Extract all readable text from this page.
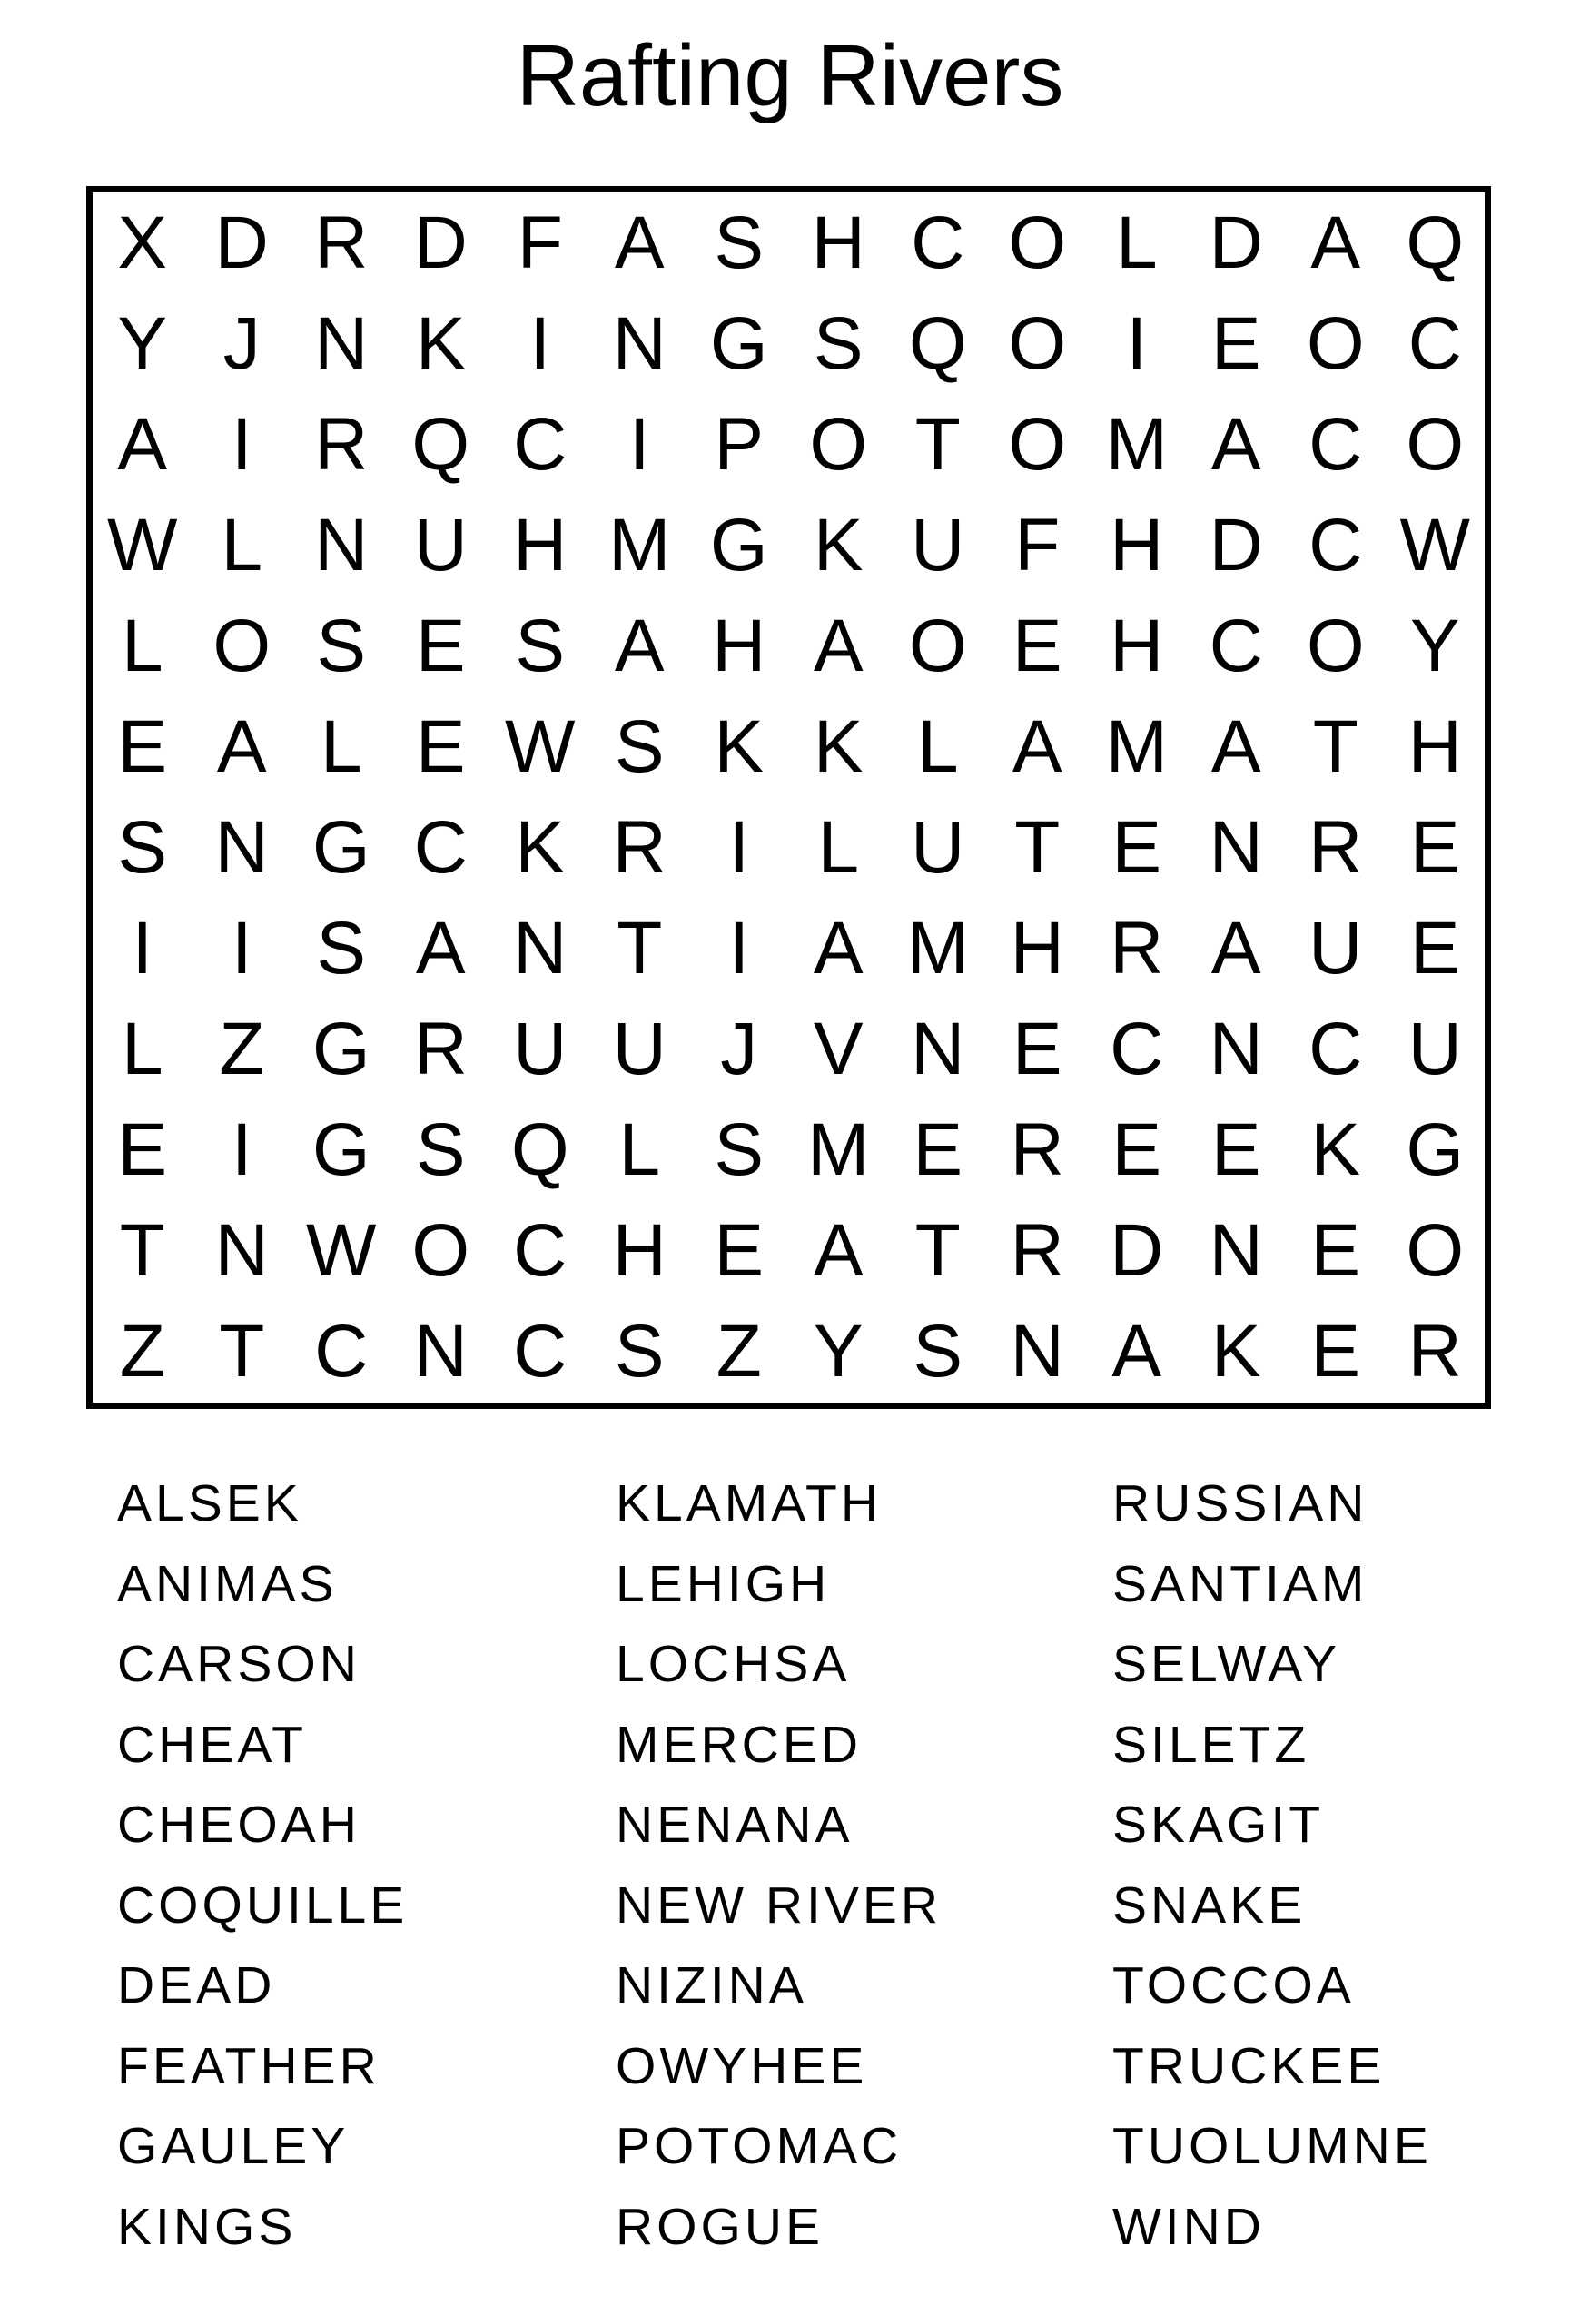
Rafting Rivers
X D R D F A S H C O L D A Q
Y J N K I N G S Q O I E O C
A I R Q C I P O T O M A C O
W L N U H M G K U F H D C W
L O S E S A H A O E H C O Y
E A L E W S K K L A M A T H
S N G C K R I L U T E N R E
I	I S A N T I A M H R A U E
L Z G R U U J V N E C N C U
E I G S Q L S M E R E E K G
T N W O C H E A T R D N E O
Z T C N C S Z Y S N A K E R
ALSEK
ANIMAS
CARSON
CHEAT
CHEOAH
COQUILLE
DEAD
FEATHER
GAULEY
KINGS
KLAMATH
LEHIGH
LOCHSA
MERCED
NENANA
NEW RIVER
NIZINA
OWYHEE
POTOMAC
ROGUE
RUSSIAN
SANTIAM
SELWAY
SILETZ
SKAGIT
SNAKE
TOCCOA
TRUCKEE
TUOLUMNE
WIND
